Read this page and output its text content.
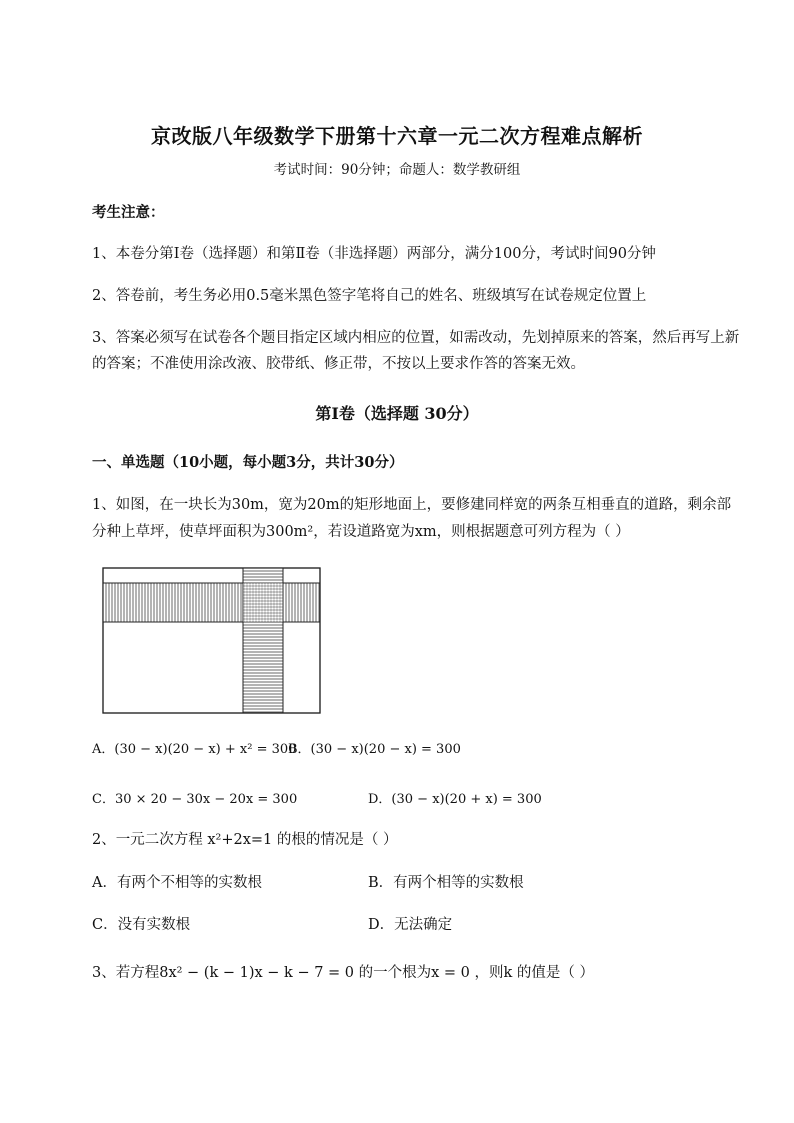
京改版八年级数学下册第十六章一元二次方程难点解析
考试时间：90分钟；命题人：数学教研组
考生注意：
1、本卷分第Ⅰ卷（选择题）和第Ⅱ卷（非选择题）两部分，满分100分，考试时间90分钟
2、答卷前，考生务必用0.5毫米黑色签字笔将自己的姓名、班级填写在试卷规定位置上
3、答案必须写在试卷各个题目指定区域内相应的位置，如需改动，先划掉原来的答案，然后再写上新
的答案；不准使用涂改液、胶带纸、修正带，不按以上要求作答的答案无效。
第Ⅰ卷（选择题 30分）
一、单选题（10小题，每小题3分，共计30分）
1、如图，在一块长为30m，宽为20m的矩形地面上，要修建同样宽的两条互相垂直的道路，剩余部
分种上草坪，使草坪面积为300m²，若设道路宽为xm，则根据题意可列方程为（ ）
A．(30 − x)(20 − x) + x² = 300
B．(30 − x)(20 − x) = 300
C．30 × 20 − 30x − 20x = 300	D．(30 − x)(20 + x) = 300
2、一元二次方程 x²+2x=1 的根的情况是（ ）
A．有两个不相等的实数根	B．有两个相等的实数根
C．没有实数根	D．无法确定
3、若方程8x² − (k − 1)x − k − 7 = 0 的一个根为x = 0 ，则k 的值是（ ）
